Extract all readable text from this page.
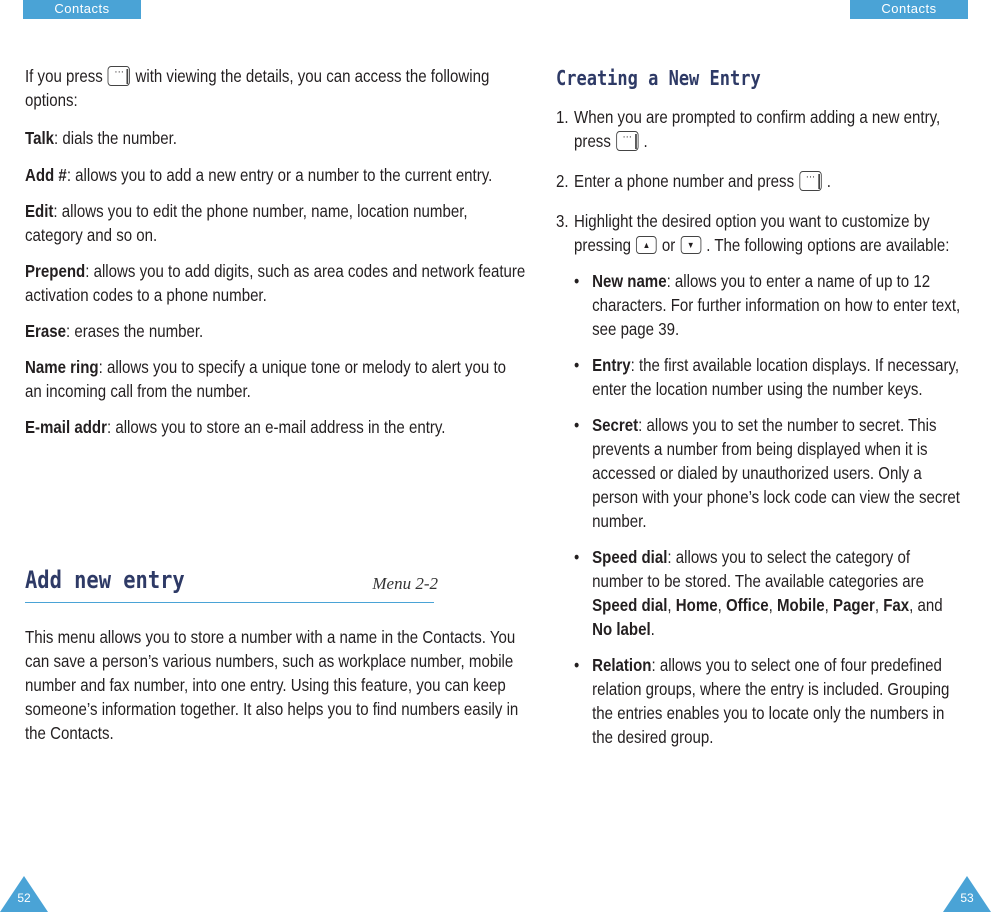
Contacts

If you press	··· with viewing the details, you can access the following options:

Talk: dials the number.

Add #: allows you to add a new entry or a number to the current entry.

Edit: allows you to edit the phone number, name, location number, category and so on.

Prepend: allows you to add digits, such as area codes and network feature activation codes to a phone number.

Erase: erases the number.

Name ring: allows you to specify a unique tone or melody to alert you to an incoming call from the number.

E-mail addr: allows you to store an e-mail address in the entry.

Add new entry	Menu 2-2

This menu allows you to store a number with a name in the Contacts. You can save a person’s various numbers, such as workplace number, mobile number and fax number, into one entry. Using this feature, you can keep someone’s information together. It also helps you to find numbers easily in the Contacts.

52
Contacts
Creating a New Entry
1. When you are prompted to confirm adding a new entry, press	··· .
2. Enter a phone number and press	··· .
3. Highlight the desired option you want to customize by pressing	▲ or	▼ . The following options are available:
• New name: allows you to enter a name of up to 12 characters. For further information on how to enter text, see page 39.
• Entry: the first available location displays. If necessary, enter the location number using the number keys.
• Secret: allows you to set the number to secret. This prevents a number from being displayed when it is accessed or dialed by unauthorized users. Only a person with your phone’s lock code can view the secret number.
• Speed dial: allows you to select the category of number to be stored. The available categories are Speed dial, Home, Office, Mobile, Pager, Fax, and No label.
• Relation: allows you to select one of four predefined relation groups, where the entry is included. Grouping the entries enables you to locate only the numbers in the desired group.
53
